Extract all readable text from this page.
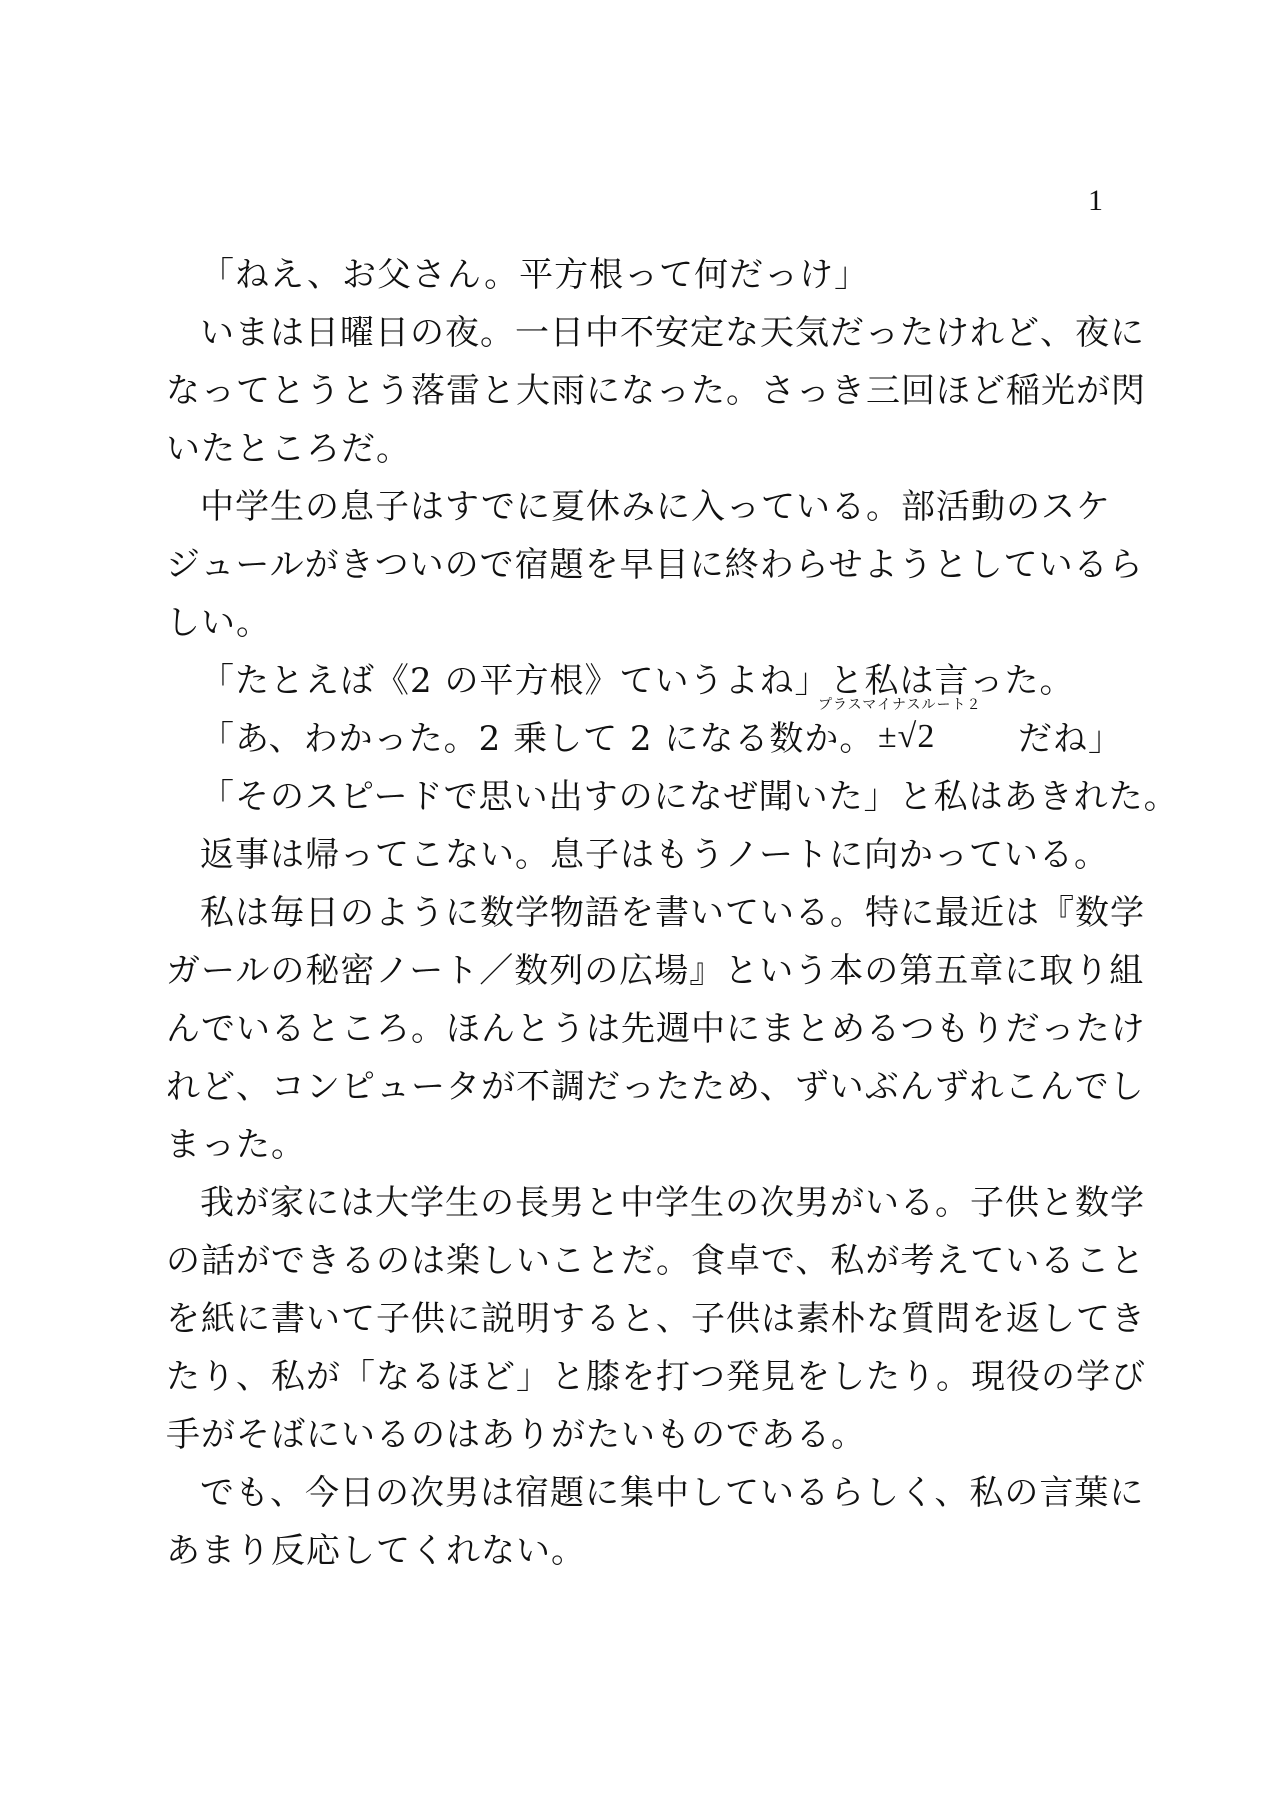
1
「ねえ、お父さん。平方根って何だっけ」
いまは日曜日の夜。一日中不安定な天気だったけれど、夜に
なってとうとう落雷と大雨になった。さっき三回ほど稲光が閃
いたところだ。
中学生の息子はすでに夏休みに入っている。部活動のスケ
ジュールがきついので宿題を早目に終わらせようとしているら
しい。
「たとえば《2 の平方根》ていうよね」と私は言った。
「あ、わかった。2 乗して 2 になる数か。
プラスマイナスルート２
±√2 だね」
「そのスピードで思い出すのになぜ聞いた」と私はあきれた。
返事は帰ってこない。息子はもうノートに向かっている。
私は毎日のように数学物語を書いている。特に最近は『数学
ガールの秘密ノート／数列の広場』という本の第五章に取り組
んでいるところ。ほんとうは先週中にまとめるつもりだったけ
れど、コンピュータが不調だったため、ずいぶんずれこんでし
まった。
我が家には大学生の長男と中学生の次男がいる。子供と数学
の話ができるのは楽しいことだ。食卓で、私が考えていること
を紙に書いて子供に説明すると、子供は素朴な質問を返してき
たり、私が「なるほど」と膝を打つ発見をしたり。現役の学び
手がそばにいるのはありがたいものである。
でも、今日の次男は宿題に集中しているらしく、私の言葉に
あまり反応してくれない。
